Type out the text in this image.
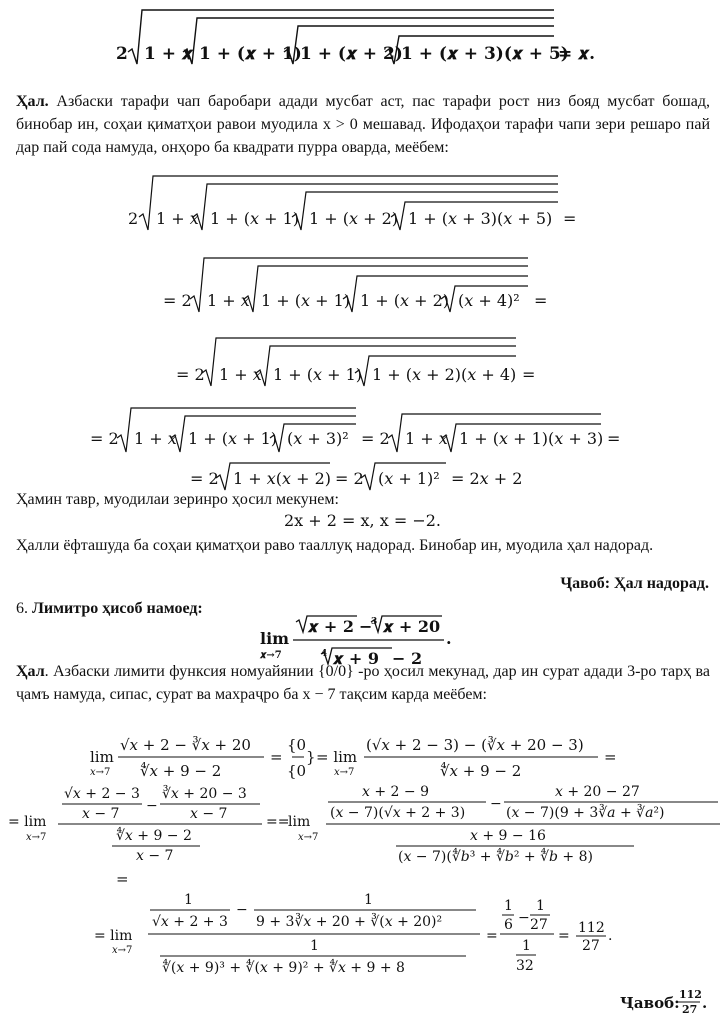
2 1 + 𝒙 1 + (𝒙 + 𝟏)
1 + (𝒙 + 𝟐)
1 + (𝒙 + 𝟑)(𝒙 + 𝟓)
= 𝒙.
Ҳал. Азбаски тарафи чап баробари адади мусбат аст, пас тарафи рост низ бояд мусбат бошад, бинобар ин, соҳаи қиматҳои равои муодила x > 0 мешавад. Ифодаҳои тарафи чапи зери решаро пай дар пай сода намуда, онҳоро ба квадрати пурра оварда, мeёбем:
2 1 + 𝑥 1 + (𝑥 + 1) 1 + (𝑥 + 2) 1 + (𝑥 + 3)(𝑥 + 5) =
= 2 1 + 𝑥 1 + (𝑥 + 1) 1 + (𝑥 + 2) (𝑥 + 4)² =
= 2 1 + 𝑥 1 + (𝑥 + 1) 1 + (𝑥 + 2)(𝑥 + 4) =
= 2 1 + 𝑥 1 + (𝑥 + 1) (𝑥 + 3)² = 2 1 + 𝑥 1 + (𝑥 + 1)(𝑥 + 3) =
= 2 1 + 𝑥(𝑥 + 2) = 2 (𝑥 + 1)² = 2𝑥 + 2
Ҳамин тавр, муодилаи зеринро ҳосил мекунем:
2x + 2 = x, x = −2.
Ҳалли ёфташуда ба соҳаи қиматҳои раво тааллуқ надорад. Бинобар ин, муодила ҳал надорад.
Ҷавоб: Ҳал надорад.
6. Лимитро ҳисоб намоед:
lim
𝒙→𝟕
𝒙 + 𝟐 −
3 𝒙 + 𝟐𝟎
4 𝒙 + 𝟗 − 𝟐
.
Ҳал. Азбаски лимити функсия номуайянии {0/0} -ро ҳосил мекунад, дар ин сурат адади 3-ро тарҳ ва ҷамъ намуда, сипас, сурат ва махраҷро ба x − 7 тақсим карда мeёбем:
lim
𝑥→7
√𝑥 + 2 − ∛𝑥 + 20
∜𝑥 + 9 − 2
=
{0
{0
} = lim
𝑥→7
(√𝑥 + 2 − 3) − (∛𝑥 + 20 − 3)
∜𝑥 + 9 − 2
=
= lim
𝑥→7
√𝑥 + 2 − 3
𝑥 − 7 −
∛𝑥 + 20 − 3
𝑥 − 7
∜𝑥 + 9 − 2
𝑥 − 7
==
lim
𝑥→7
𝑥 + 2 − 9
(𝑥 − 7)(√𝑥 + 2 + 3)
−
𝑥 + 20 − 27
(𝑥 − 7)(9 + 3∛𝑎 + ∛𝑎²)
𝑥 + 9 − 16
(𝑥 − 7)(∜𝑏³ + ∜𝑏² + ∜𝑏 + 8)
=
= lim
𝑥→7
1
√𝑥 + 2 + 3
−
1
9 + 3∛𝑥 + 20 + ∛(𝑥 + 20)²
1
∜(𝑥 + 9)³ + ∜(𝑥 + 9)² + ∜𝑥 + 9 + 8
=
1
6 −
1
27
1
32
= 112
27
.
Ҷавоб: 112
27 .
